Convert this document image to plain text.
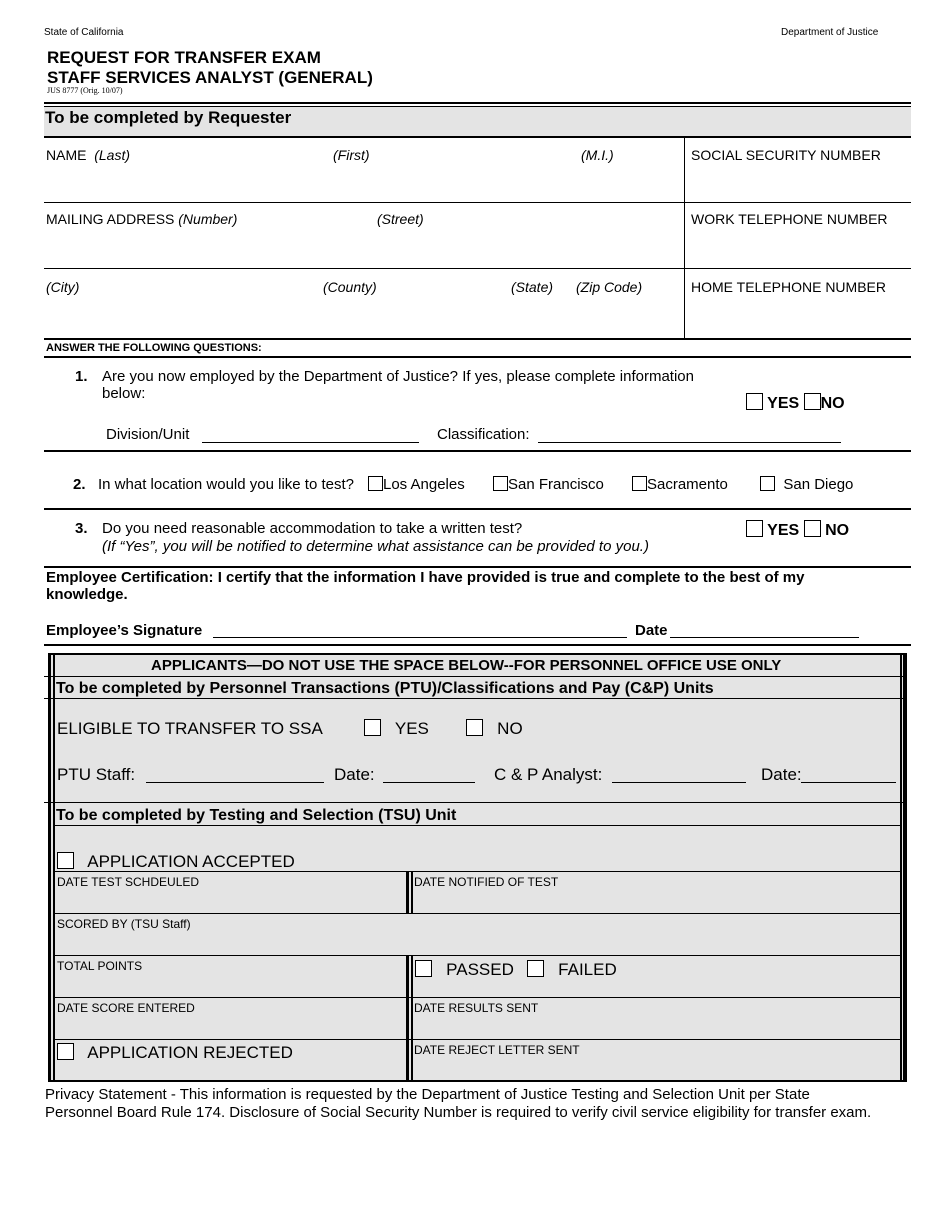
State of California	Department of Justice
REQUEST FOR TRANSFER EXAM
STAFF SERVICES ANALYST (GENERAL)
JUS 8777 (Orig. 10/07)
To be completed by Requester
NAME (Last)	(First)	(M.I.)	SOCIAL SECURITY NUMBER
MAILING ADDRESS (Number)	(Street)	WORK TELEPHONE NUMBER
(City)	(County)	(State) (Zip Code)	HOME TELEPHONE NUMBER
ANSWER THE FOLLOWING QUESTIONS:
1. Are you now employed by the Department of Justice? If yes, please complete information
below:
YES NO
Division/Unit	Classification:
2. In what location would you like to test?	Los Angeles	San Francisco	Sacramento	San Diego
3. Do you need reasonable accommodation to take a written test?
(If “Yes”, you will be notified to determine what assistance can be provided to you.)
YES NO
Employee Certification: I certify that the information I have provided is true and complete to the best of my
knowledge.
Employee’s Signature	Date
APPLICANTS—DO NOT USE THE SPACE BELOW--FOR PERSONNEL OFFICE USE ONLY
To be completed by Personnel Transactions (PTU)/Classifications and Pay (C&P) Units
ELIGIBLE TO TRANSFER TO SSA	YES	NO
PTU Staff:	Date:	C & P Analyst:	Date:
To be completed by Testing and Selection (TSU) Unit
APPLICATION ACCEPTED
DATE TEST SCHDEULED	DATE NOTIFIED OF TEST
SCORED BY (TSU Staff)
TOTAL POINTS	PASSED	FAILED
DATE SCORE ENTERED	DATE RESULTS SENT
APPLICATION REJECTED	DATE REJECT LETTER SENT
Privacy Statement - This information is requested by the Department of Justice Testing and Selection Unit per State
Personnel Board Rule 174. Disclosure of Social Security Number is required to verify civil service eligibility for transfer exam.
